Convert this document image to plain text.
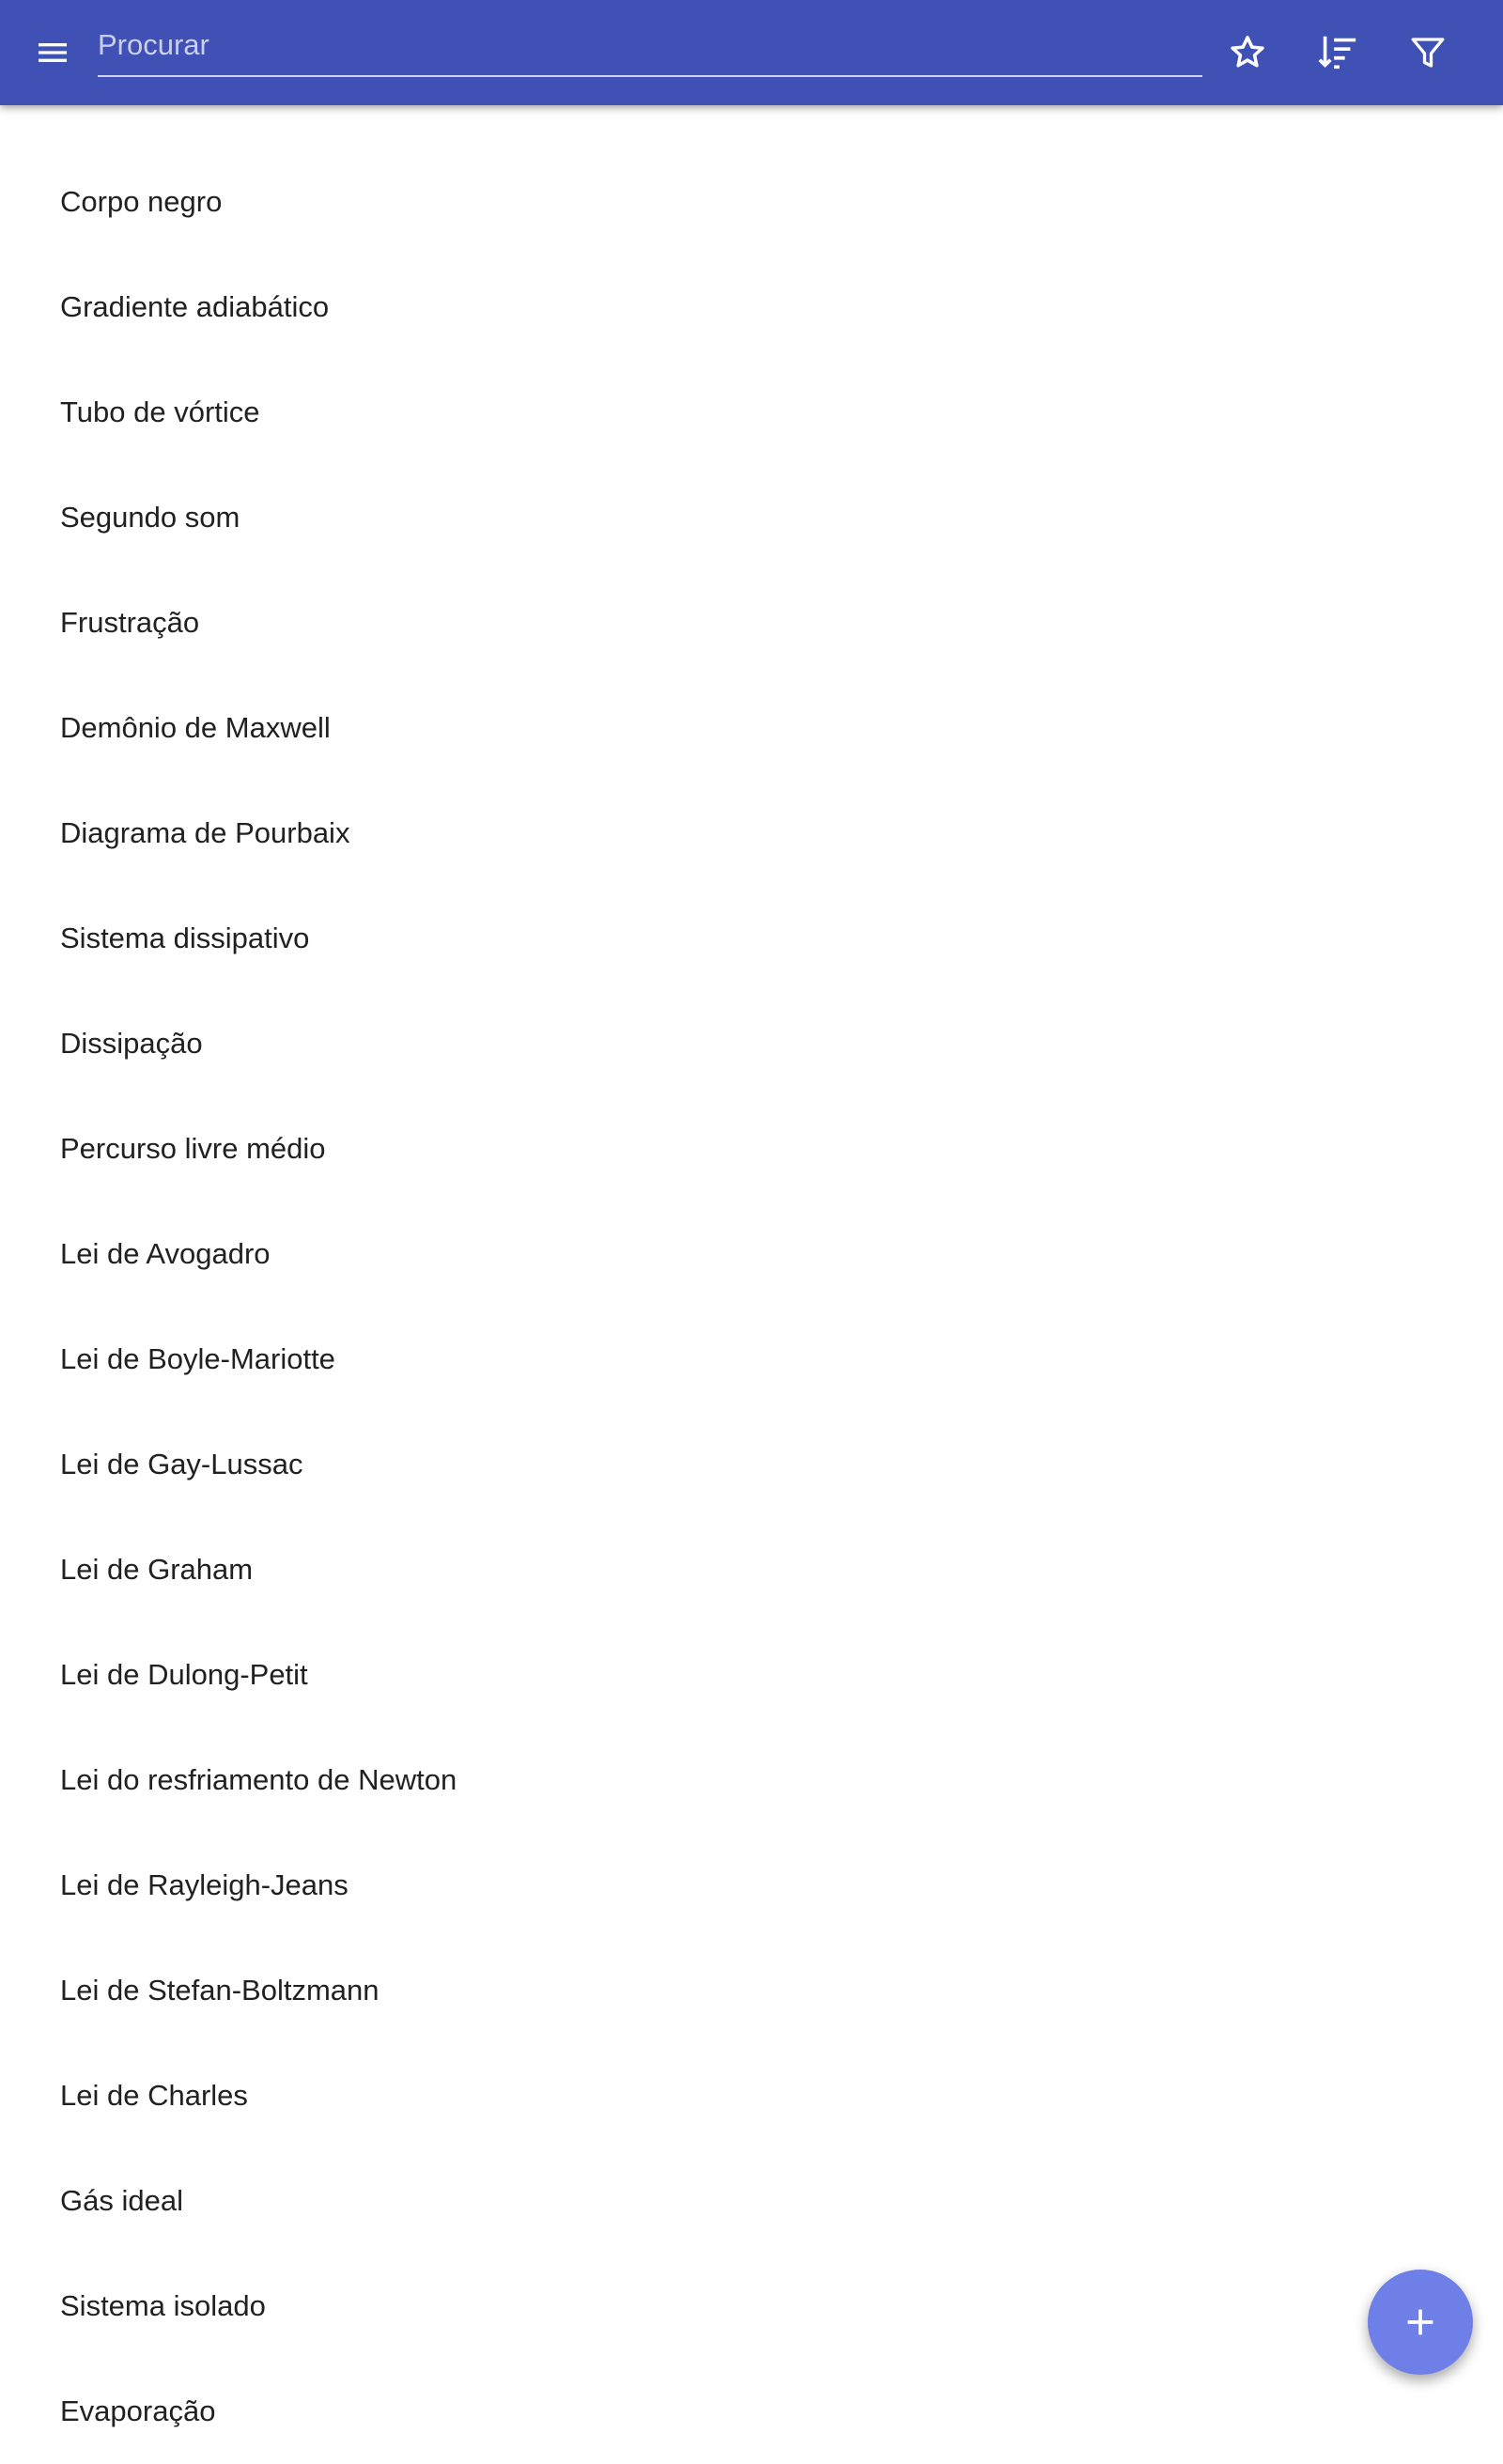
Procurar
Corpo negro
Gradiente adiabático
Tubo de vórtice
Segundo som
Frustração
Demônio de Maxwell
Diagrama de Pourbaix
Sistema dissipativo
Dissipação
Percurso livre médio
Lei de Avogadro
Lei de Boyle-Mariotte
Lei de Gay-Lussac
Lei de Graham
Lei de Dulong-Petit
Lei do resfriamento de Newton
Lei de Rayleigh-Jeans
Lei de Stefan-Boltzmann
Lei de Charles
Gás ideal
Sistema isolado
Evaporação
